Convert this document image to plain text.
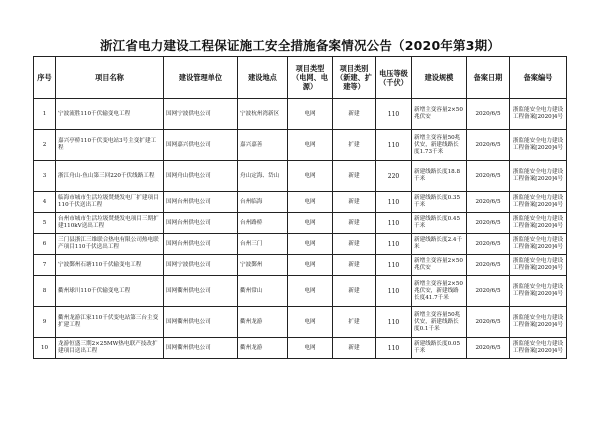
浙江省电力建设工程保证施工安全措施备案情况公告（2020年第3期）
序号	项目名称	建设管理单位	建设地点	项目类型（电网、电源）	项目类别（新建、扩建等）	电压等级（千伏）	建设规模	备案日期	备案编号
1	宁波流胜110千伏输变电工程	国网宁波供电公司	宁波杭州湾新区	电网	新建	110	新增主变容量2×50兆伏安	2020/6/5	浙监能安全电力建设工程备案[2020]4号
2	嘉兴亭桥110千伏变电站3号主变扩建工程	国网嘉兴供电公司	嘉兴嘉善	电网	扩建	110	新增主变容量50兆伏安，新建线路长度1.73千米	2020/6/5	浙监能安全电力建设工程备案[2020]4号
3	浙江舟山-鱼山第三回220千伏线路工程	国网舟山供电公司	舟山定海、岱山	电网	新建	220	新建线路长度18.8千米	2020/6/5	浙监能安全电力建设工程备案[2020]4号
4	临海市城市生活垃圾焚烧发电厂扩建项目110千伏送出工程	国网台州供电公司	台州临海	电网	新建	110	新建线路长度0.35千米	2020/6/5	浙监能安全电力建设工程备案[2020]4号
5	台州市城市生活垃圾焚烧发电项目三期扩建110kV送出工程	国网台州供电公司	台州路桥	电网	新建	110	新建线路长度0.45千米	2020/6/5	浙监能安全电力建设工程备案[2020]4号
6	三门县浙江三维联合热电有限公司热电联产项目110千伏送出工程	国网台州供电公司	台州三门	电网	新建	110	新建线路长度2.4千米	2020/6/5	浙监能安全电力建设工程备案[2020]4号
7	宁波鄞州石塘110千伏输变电工程	国网宁波供电公司	宁波鄞州	电网	新建	110	新增主变容量2×50兆伏安	2020/6/5	浙监能安全电力建设工程备案[2020]4号
8	衢州球川110千伏输变电工程	国网衢州供电公司	衢州常山	电网	新建	110	新增主变容量2×50兆伏安，新建线路长度41.7千米	2020/6/5	浙监能安全电力建设工程备案[2020]4号
9	衢州龙游江家110千伏变电站第三台主变扩建工程	国网衢州供电公司	衢州龙游	电网	扩建	110	新增主变容量50兆伏安，新建线路长度0.1千米	2020/6/5	浙监能安全电力建设工程备案[2020]4号
10	龙游恒盛三期2×25MW热电联产技改扩建项目送出工程	国网衢州供电公司	衢州龙游	电网	新建	110	新建线路长度0.05千米	2020/6/5	浙监能安全电力建设工程备案[2020]4号
